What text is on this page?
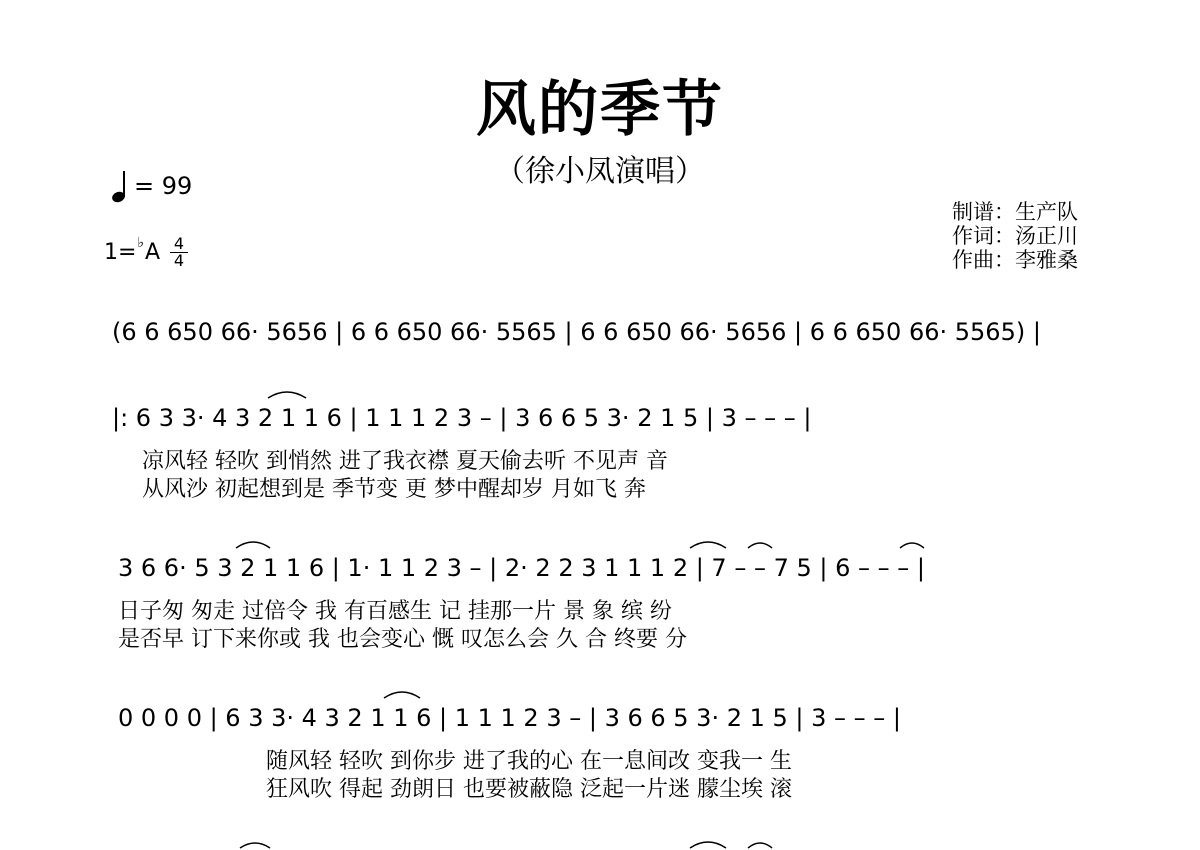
风的季节
（徐小凤演唱）
= 99
1=♭A 4
4
制谱：生产队
作词：汤正川
作曲：李雅桑
(6 6 650 66· 5656 | 6 6 650 66· 5565 | 6 6 650 66· 5656 | 6 6 650 66· 5565) |
|: 6 3 3· 4 3 2 1 1 6 | 1 1 1 2 3 – | 3 6 6 5 3· 2 1 5 | 3 – – – |
凉风轻 轻吹 到悄然 进了我衣襟 夏天偷去听 不见声 音
从风沙 初起想到是 季节变 更 梦中醒却岁 月如飞 奔
3 6 6· 5 3 2 1 1 6 | 1· 1 1 2 3 – | 2· 2 2 3 1 1 1 2 | 7 – – 7 5 | 6 – – – |
日子匆 匆走 过倍令 我 有百感生 记 挂那一片 景 象 缤 纷
是否早 订下来你或 我 也会变心 慨 叹怎么会 久 合 终要 分
0 0 0 0 | 6 3 3· 4 3 2 1 1 6 | 1 1 1 2 3 – | 3 6 6 5 3· 2 1 5 | 3 – – – |
随风轻 轻吹 到你步 进了我的心 在一息间改 变我一 生
狂风吹 得起 劲朗日 也要被蔽隐 泛起一片迷 朦尘埃 滚
